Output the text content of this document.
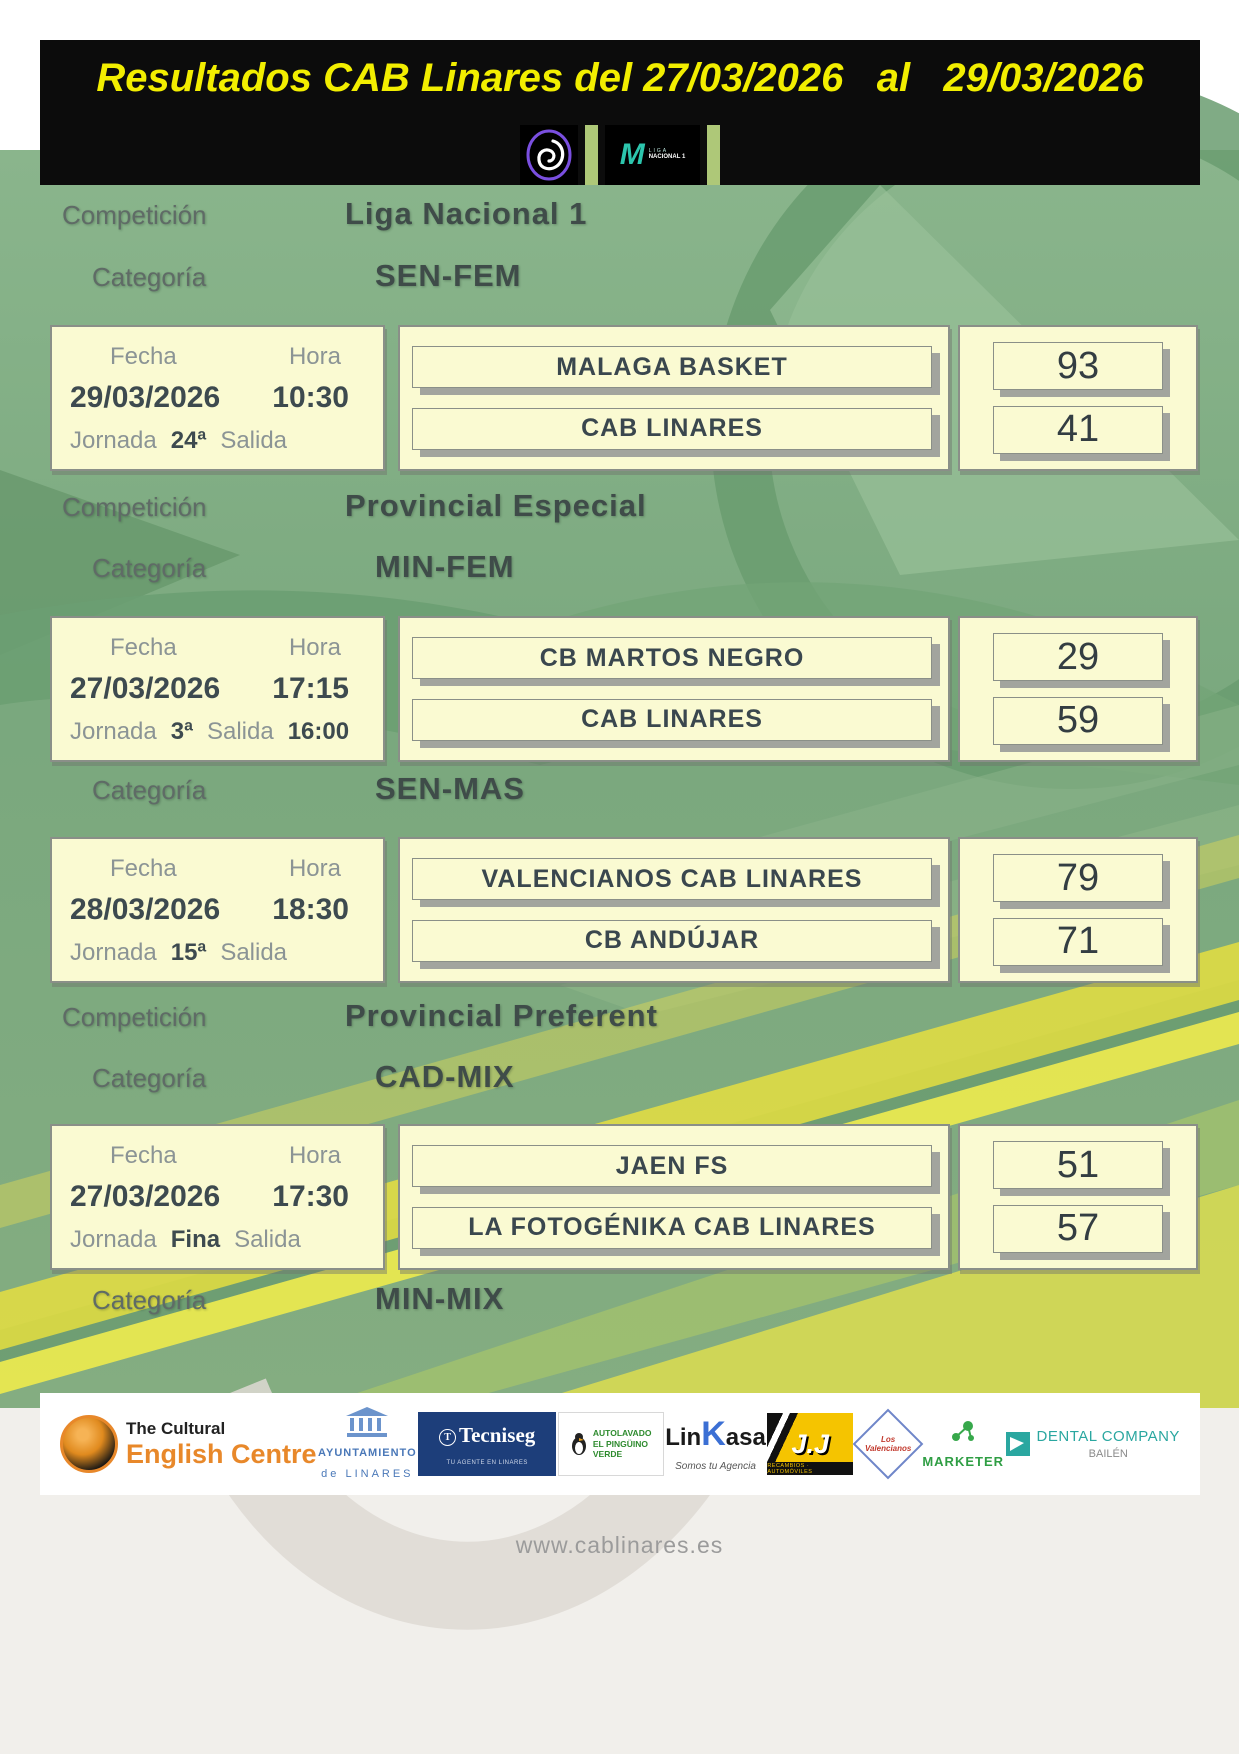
Resultados CAB Linares del 27/03/2026   al   29/03/2026
M LIGA
NACIONAL 1
Competición	Liga Nacional 1
Categoría	SEN-FEM
Fecha	Hora
29/03/2026 10:30
Jornada 24ª Salida
MALAGA BASKET
CAB LINARES
93
41
Competición	Provincial Especial
Categoría	MIN-FEM
Fecha	Hora
27/03/2026 17:15
Jornada 3ª Salida 16:00
CB MARTOS NEGRO
CAB LINARES
29
59
Categoría	SEN-MAS
Fecha	Hora
28/03/2026 18:30
Jornada 15ª Salida
VALENCIANOS CAB LINARES
CB ANDÚJAR
79
71
Competición	Provincial Preferent
Categoría	CAD-MIX
Fecha	Hora
27/03/2026 17:30
Jornada Fina Salida
JAEN FS
LA FOTOGÉNIKA CAB LINARES
51
57
Categoría	MIN-MIX
The Cultural
English Centre AYUNTAMIENTO
de LINARES
T Tecniseg
TU AGENTE EN LINARES
AUTOLAVADO
EL PINGÜINO
VERDE
LinKasa
Somos tu Agencia
J.J
RECAMBIOS · AUTOMÓVILES
Los Valencianos
MARKETER
DENTAL COMPANY
BAILÉN
www.cablinares.es
